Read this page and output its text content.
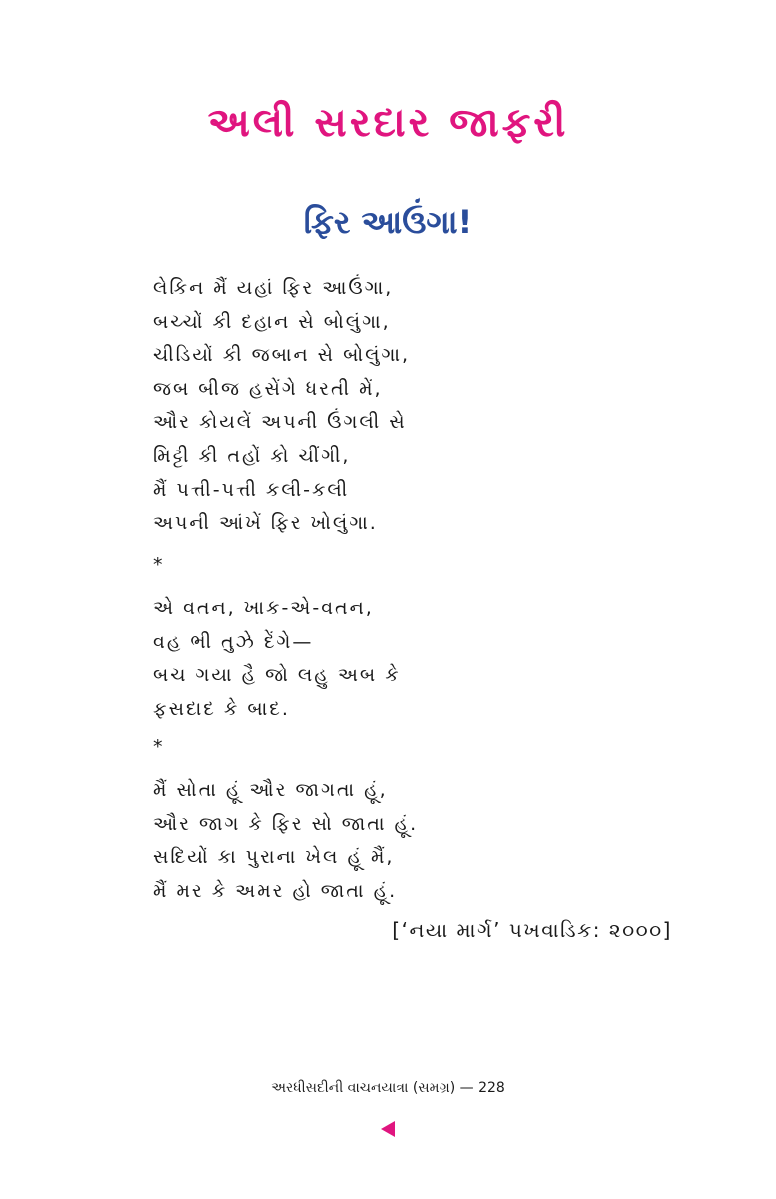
અલી સરદાર જાફરી
ફિર આઉંગા!
લેકિન મૈં યહાં ફિર આઉંગા,
બચ્ચોં કી દહાન સે બોલુંગા,
ચીડિયોં કી જબાન સે બોલુંગા,
જબ બીજ હસેંગે ધરતી મેં,
ઔર કોયલેં અપની ઉંગલી સે
મિટ્ટી કી તહોં કો ચીંગી,
મૈં પત્તી-પત્તી કલી-કલી
અપની આંખેં ફિર ખોલુંગા.
*
એ વતન, ખાક-એ-વતન,
વહ ભી તુઝે દેંગે—
બચ ગયા હૈ જો લહુ અબ કે
ફસદાદ કે બાદ.
*
મૈં સોતા હૂં ઔર જાગતા હૂં,
ઔર જાગ કે ફિર સો જાતા હૂં.
સદિયોં કા પુરાના ખેલ હૂં મૈં,
મૈં મર કે અમર હો જાતા હૂં.
[‘નયા માર્ગ’ પખવાડિક: ૨૦૦૦]
અરધીસદીની વાચનયાત્રા (સમગ્ર) — 228
